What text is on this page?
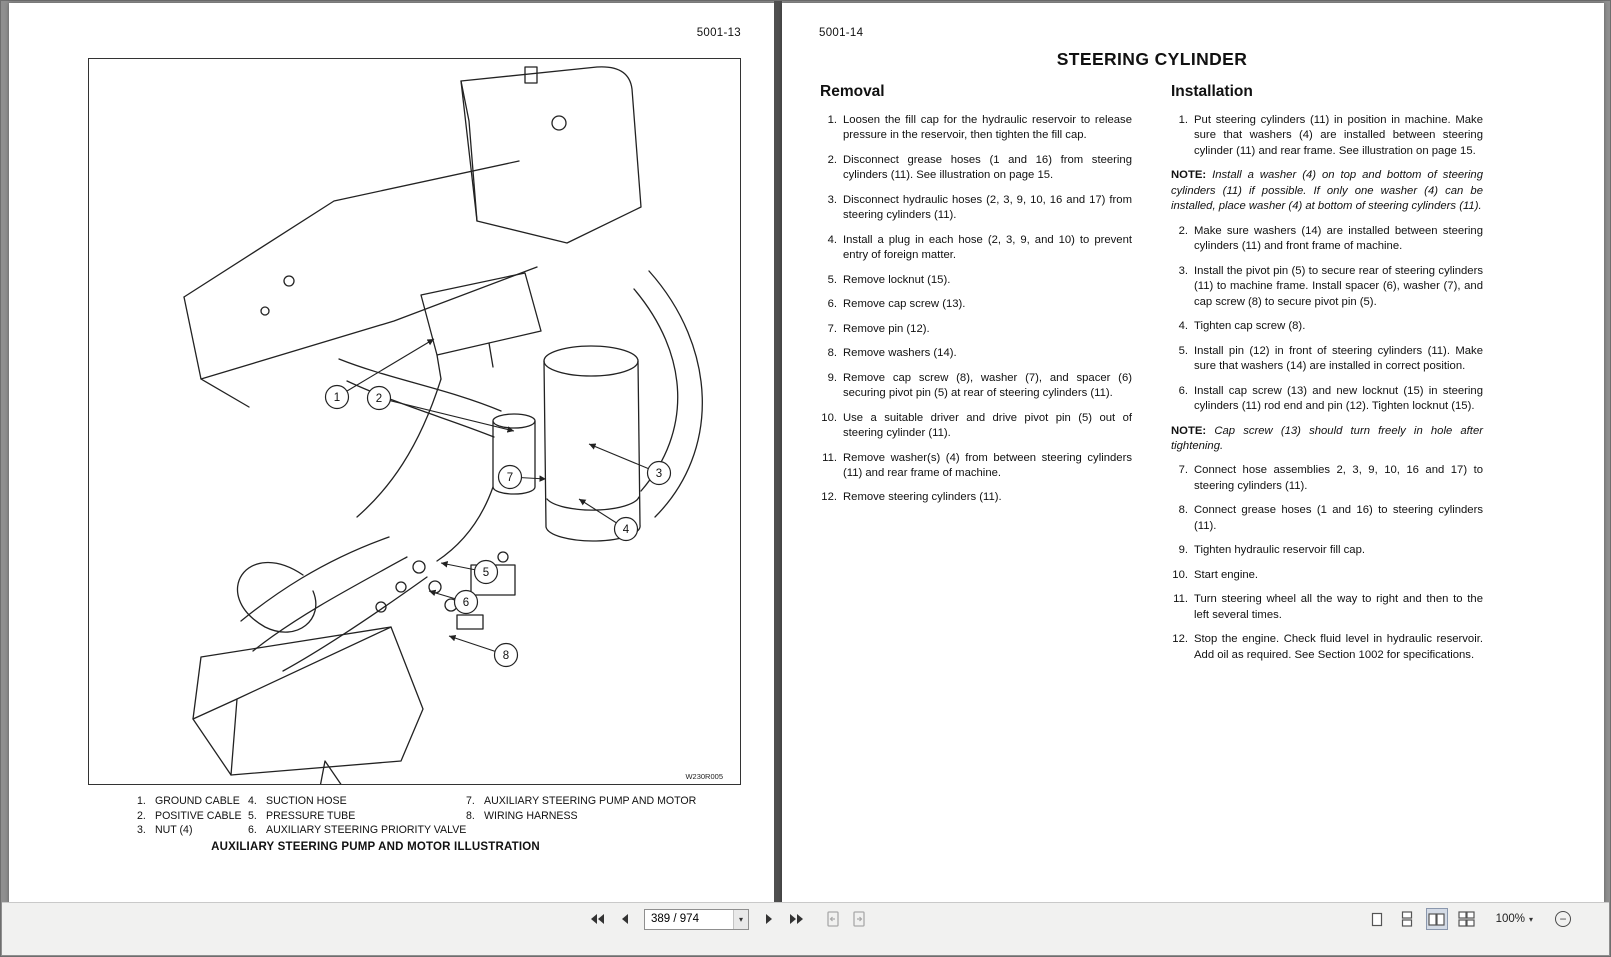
5001-13
1	2
3
4
5
6
7
8
W230R005
1. GROUND CABLE
2. POSITIVE CABLE
3. NUT (4)
4. SUCTION HOSE
5. PRESSURE TUBE
6. AUXILIARY STEERING PRIORITY VALVE
7. AUXILIARY STEERING PUMP AND MOTOR
8. WIRING HARNESS
AUXILIARY STEERING PUMP AND MOTOR ILLUSTRATION
5001-14
STEERING CYLINDER
Removal
1. Loosen the fill cap for the hydraulic reservoir to release pressure in the reservoir, then tighten the fill cap.
2. Disconnect grease hoses (1 and 16) from steering cylinders (11). See illustration on page 15.
3. Disconnect hydraulic hoses (2, 3, 9, 10, 16 and 17) from steering cylinders (11).
4. Install a plug in each hose (2, 3, 9, and 10) to prevent entry of foreign matter.
5. Remove locknut (15).
6. Remove cap screw (13).
7. Remove pin (12).
8. Remove washers (14).
9. Remove cap screw (8), washer (7), and spacer (6) securing pivot pin (5) at rear of steering cylinders (11).
10. Use a suitable driver and drive pivot pin (5) out of steering cylinder (11).
11. Remove washer(s) (4) from between steering cylinders (11) and rear frame of machine.
12. Remove steering cylinders (11).
Installation
1. Put steering cylinders (11) in position in machine. Make sure that washers (4) are installed between steering cylinder (11) and rear frame. See illustration on page 15.
NOTE: Install a washer (4) on top and bottom of steering cylinders (11) if possible. If only one washer (4) can be installed, place washer (4) at bottom of steering cylinders (11).
2. Make sure washers (14) are installed between steering cylinders (11) and front frame of machine.
3. Install the pivot pin (5) to secure rear of steering cylinders (11) to machine frame. Install spacer (6), washer (7), and cap screw (8) to secure pivot pin (5).
4. Tighten cap screw (8).
5. Install pin (12) in front of steering cylinders (11). Make sure that washers (14) are installed in correct position.
6. Install cap screw (13) and new locknut (15) in steering cylinders (11) rod end and pin (12). Tighten locknut (15).
NOTE: Cap screw (13) should turn freely in hole after tightening.
7. Connect hose assemblies 2, 3, 9, 10, 16 and 17) to steering cylinders (11).
8. Connect grease hoses (1 and 16) to steering cylinders (11).
9. Tighten hydraulic reservoir fill cap.
10. Start engine.
11. Turn steering wheel all the way to right and then to the left several times.
12. Stop the engine. Check fluid level in hydraulic reservoir. Add oil as required. See Section 1002 for specifications.
389 / 974
▾	100% ▾ −
